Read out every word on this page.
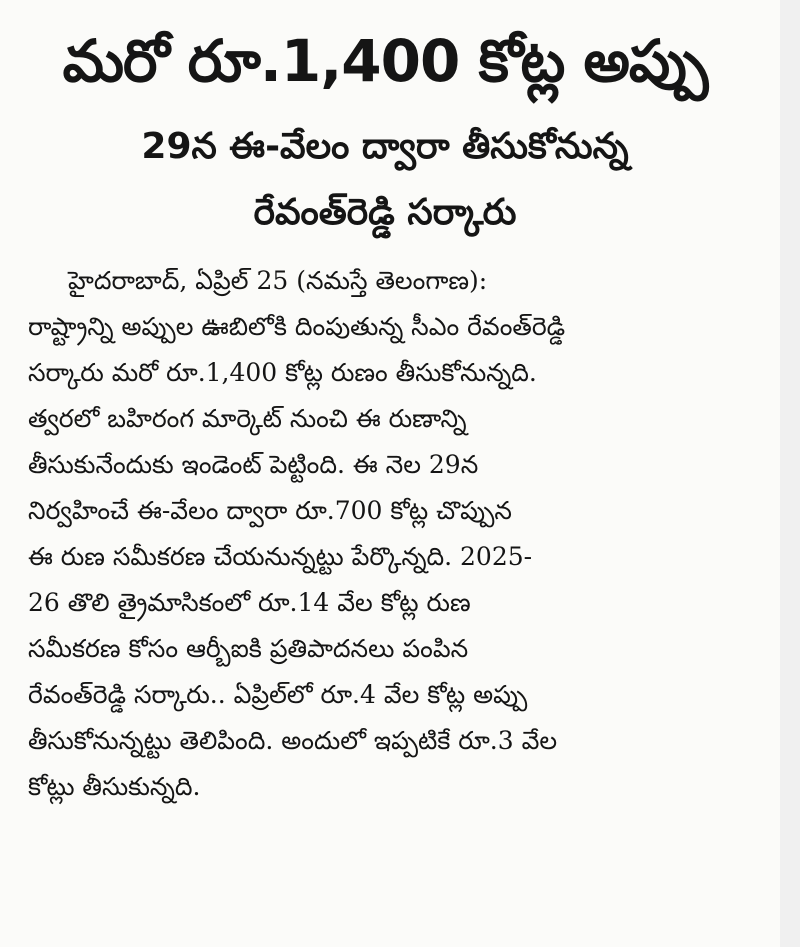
మరో రూ.1,400 కోట్ల అప్పు
29న ఈ-వేలం ద్వారా తీసుకోనున్న
రేవంత్‌రెడ్డి సర్కారు
హైదరాబాద్, ఏప్రిల్ 25 (నమస్తే తెలంగాణ):
రాష్ట్రాన్ని అప్పుల ఊబిలోకి దింపుతున్న సీఎం రేవంత్‌రెడ్డి
సర్కారు మరో రూ.1,400 కోట్ల రుణం తీసుకోనున్నది.
త్వరలో బహిరంగ మార్కెట్ నుంచి ఈ రుణాన్ని
తీసుకునేందుకు ఇండెంట్ పెట్టింది. ఈ నెల 29న
నిర్వహించే ఈ-వేలం ద్వారా రూ.700 కోట్ల చొప్పున
ఈ రుణ సమీకరణ చేయనున్నట్టు పేర్కొన్నది. 2025-
26 తొలి త్రైమాసికంలో రూ.14 వేల కోట్ల రుణ
సమీకరణ కోసం ఆర్బీఐకి ప్రతిపాదనలు పంపిన
రేవంత్‌రెడ్డి సర్కారు.. ఏప్రిల్‌లో రూ.4 వేల కోట్ల అప్పు
తీసుకోనున్నట్టు తెలిపింది. అందులో ఇప్పటికే రూ.3 వేల
కోట్లు తీసుకున్నది.
